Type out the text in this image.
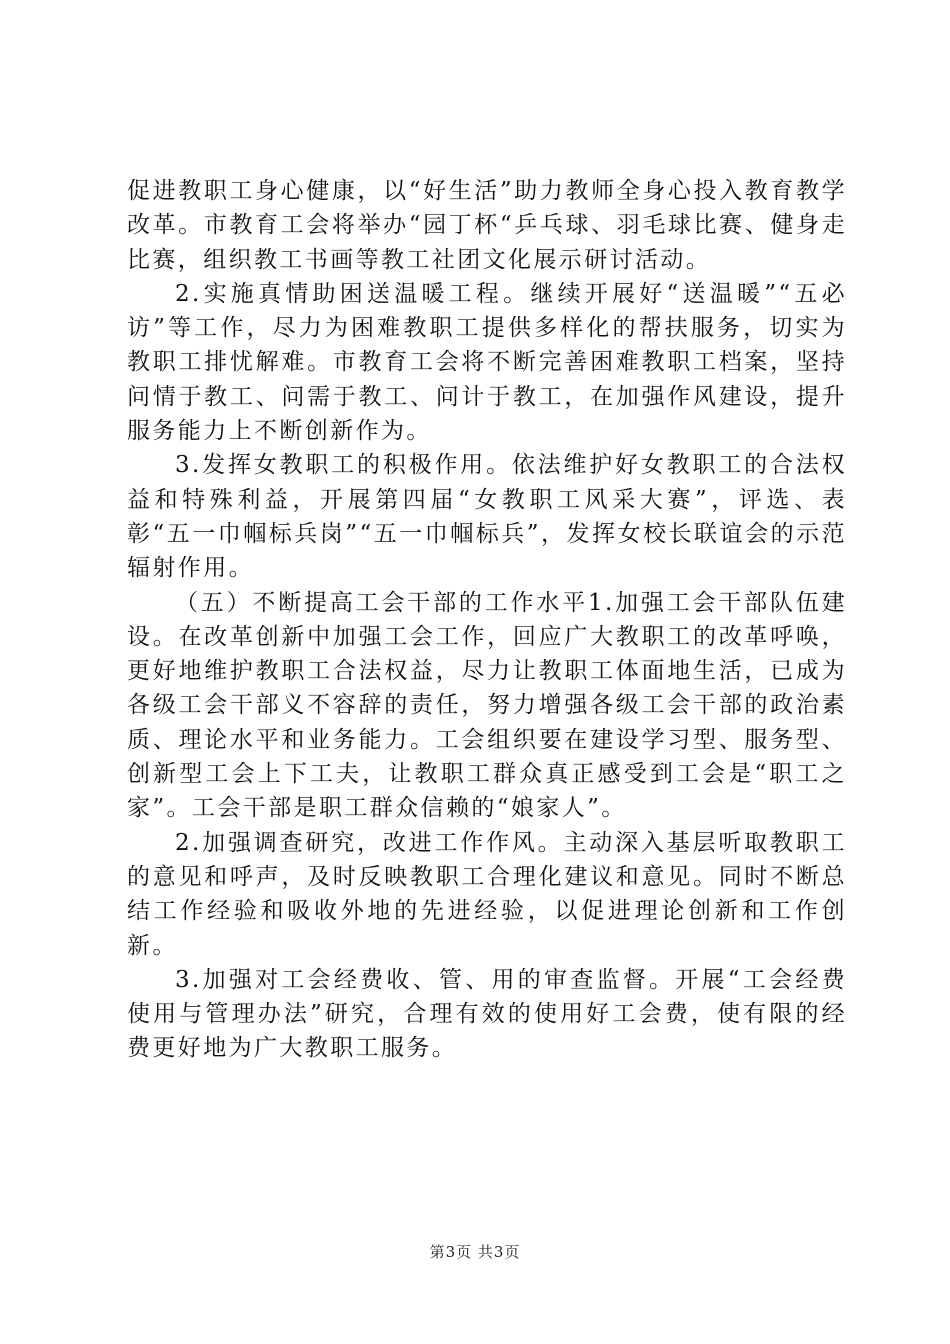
促进教职工身心健康，以“好生活”助力教师全身心投入教育教学改革。市教育工会将举办“园丁杯“乒乓球、羽毛球比赛、健身走比赛，组织教工书画等教工社团文化展示研讨活动。

2.实施真情助困送温暖工程。继续开展好“送温暖”“五必访”等工作，尽力为困难教职工提供多样化的帮扶服务，切实为教职工排忧解难。市教育工会将不断完善困难教职工档案，坚持问情于教工、问需于教工、问计于教工，在加强作风建设，提升服务能力上不断创新作为。

3.发挥女教职工的积极作用。依法维护好女教职工的合法权益和特殊利益，开展第四届“女教职工风采大赛”，评选、表彰“五一巾帼标兵岗”“五一巾帼标兵”，发挥女校长联谊会的示范辐射作用。

（五）不断提高工会干部的工作水平1.加强工会干部队伍建设。在改革创新中加强工会工作，回应广大教职工的改革呼唤，更好地维护教职工合法权益，尽力让教职工体面地生活，已成为各级工会干部义不容辞的责任，努力增强各级工会干部的政治素质、理论水平和业务能力。工会组织要在建设学习型、服务型、创新型工会上下工夫，让教职工群众真正感受到工会是“职工之家”。工会干部是职工群众信赖的“娘家人”。

2.加强调查研究，改进工作作风。主动深入基层听取教职工的意见和呼声，及时反映教职工合理化建议和意见。同时不断总结工作经验和吸收外地的先进经验，以促进理论创新和工作创新。

3.加强对工会经费收、管、用的审查监督。开展“工会经费使用与管理办法”研究，合理有效的使用好工会费，使有限的经费更好地为广大教职工服务。

第3页 共3页
